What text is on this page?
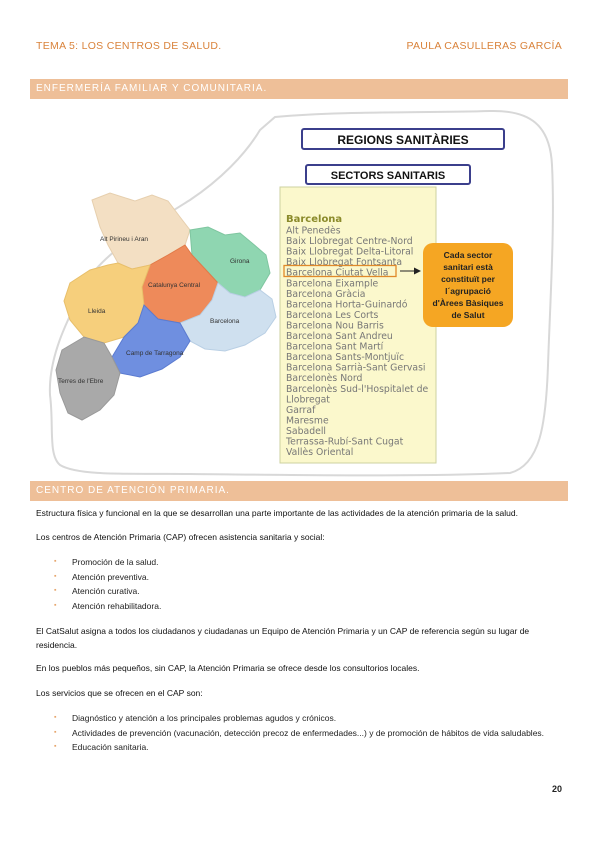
TEMA 5: LOS CENTROS DE SALUD.	PAULA CASULLERAS GARCÍA
ENFERMERÍA FAMILIAR Y COMUNITARIA.
Alt Pirineu i Aran
Girona
Catalunya Central
Lleida
Barcelona
Camp de Tarragona
Terres de l'Ebre
REGIONS SANITÀRIES
SECTORS SANITARIS
Barcelona
Alt Penedès
Baix Llobregat Centre-Nord
Baix Llobregat Delta-Litoral
Baix Llobregat Fontsanta
Barcelona Ciutat Vella
Barcelona Eixample
Barcelona Gràcia
Barcelona Horta-Guinardó
Barcelona Les Corts
Barcelona Nou Barris
Barcelona Sant Andreu
Barcelona Sant Martí
Barcelona Sants-Montjuïc
Barcelona Sarrià-Sant Gervasi
Barcelonès Nord
Barcelonès Sud-l'Hospitalet de
Llobregat
Garraf
Maresme
Sabadell
Terrassa-Rubí-Sant Cugat
Vallès Oriental
Cada sector
sanitari està
constituït per
l´agrupació
d'Àrees Bàsiques
de Salut
CENTRO DE ATENCIÓN PRIMARIA.
Estructura física y funcional en la que se desarrollan una parte importante de las actividades de la atención primaria de la salud.
Los centros de Atención Primaria (CAP) ofrecen asistencia sanitaria y social:
▪ Promoción de la salud.
▪ Atención preventiva.
▪ Atención curativa.
▪ Atención rehabilitadora.
El CatSalut asigna a todos los ciudadanos y ciudadanas un Equipo de Atención Primaria y un CAP de referencia según su lugar de residencia.
En los pueblos más pequeños, sin CAP, la Atención Primaria se ofrece desde los consultorios locales.
Los servicios que se ofrecen en el CAP son:
▪ Diagnóstico y atención a los principales problemas agudos y crónicos.
▪ Actividades de prevención (vacunación, detección precoz de enfermedades...) y de promoción de hábitos de vida saludables.
▪ Educación sanitaria.
20
